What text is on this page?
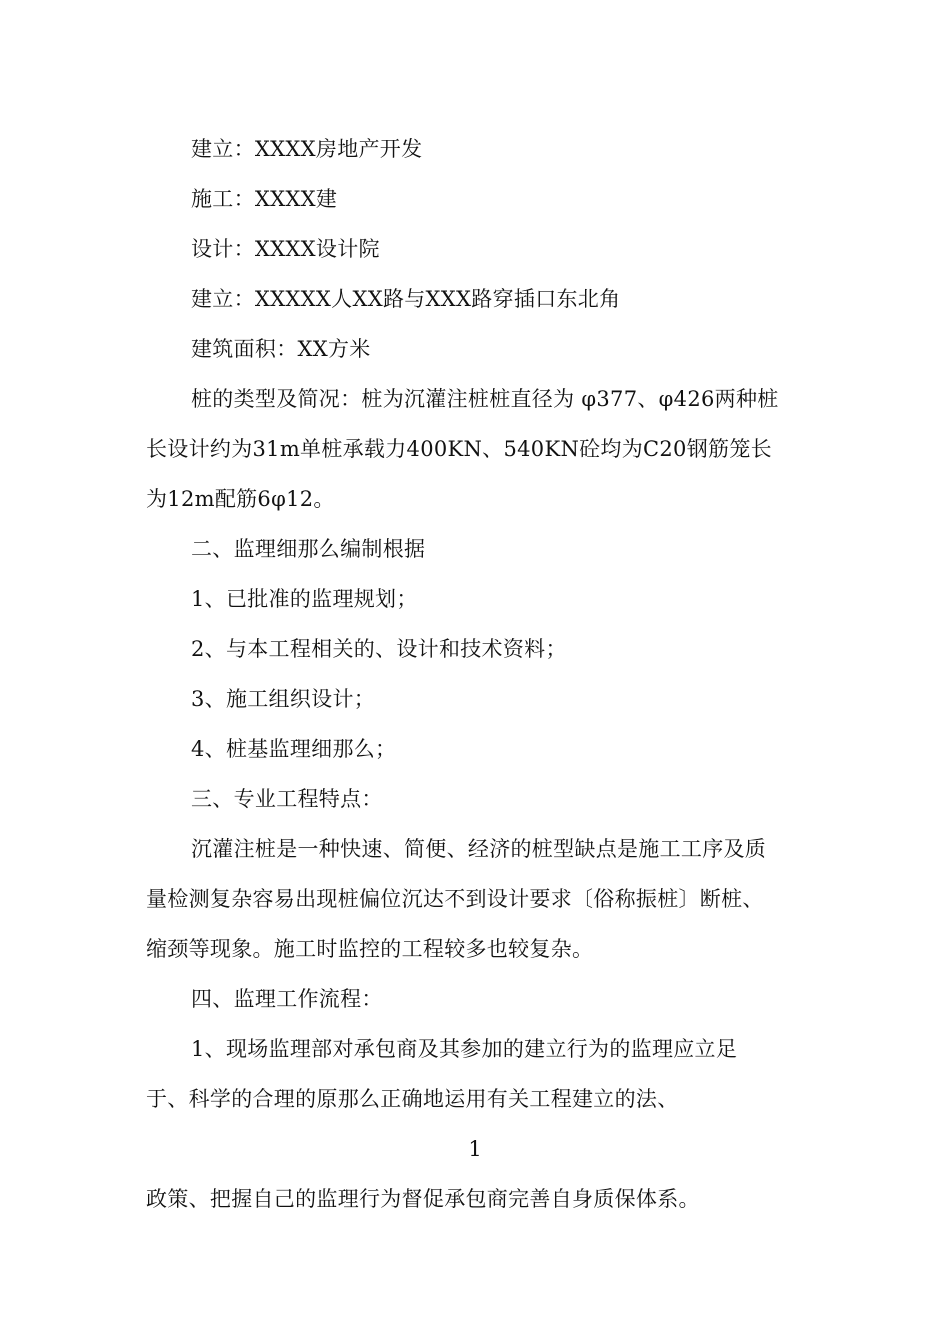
建立：XXXX房地产开发
施工：XXXX建
设计：XXXX设计院
建立：XXXXX人XX路与XXX路穿插口东北角
建筑面积：XX方米
桩的类型及简况：桩为沉灌注桩桩直径为 φ377、φ426两种桩
长设计约为31m单桩承载力400KN、540KN砼均为C20钢筋笼长
为12m配筋6φ12。
二、监理细那么编制根据
1、已批准的监理规划；
2、与本工程相关的、设计和技术资料；
3、施工组织设计；
4、桩基监理细那么；
三、专业工程特点：
沉灌注桩是一种快速、简便、经济的桩型缺点是施工工序及质
量检测复杂容易出现桩偏位沉达不到设计要求〔俗称振桩〕断桩、
缩颈等现象。施工时监控的工程较多也较复杂。
四、监理工作流程：
1、现场监理部对承包商及其参加的建立行为的监理应立足
于、科学的合理的原那么正确地运用有关工程建立的法、
1
政策、把握自己的监理行为督促承包商完善自身质保体系。
